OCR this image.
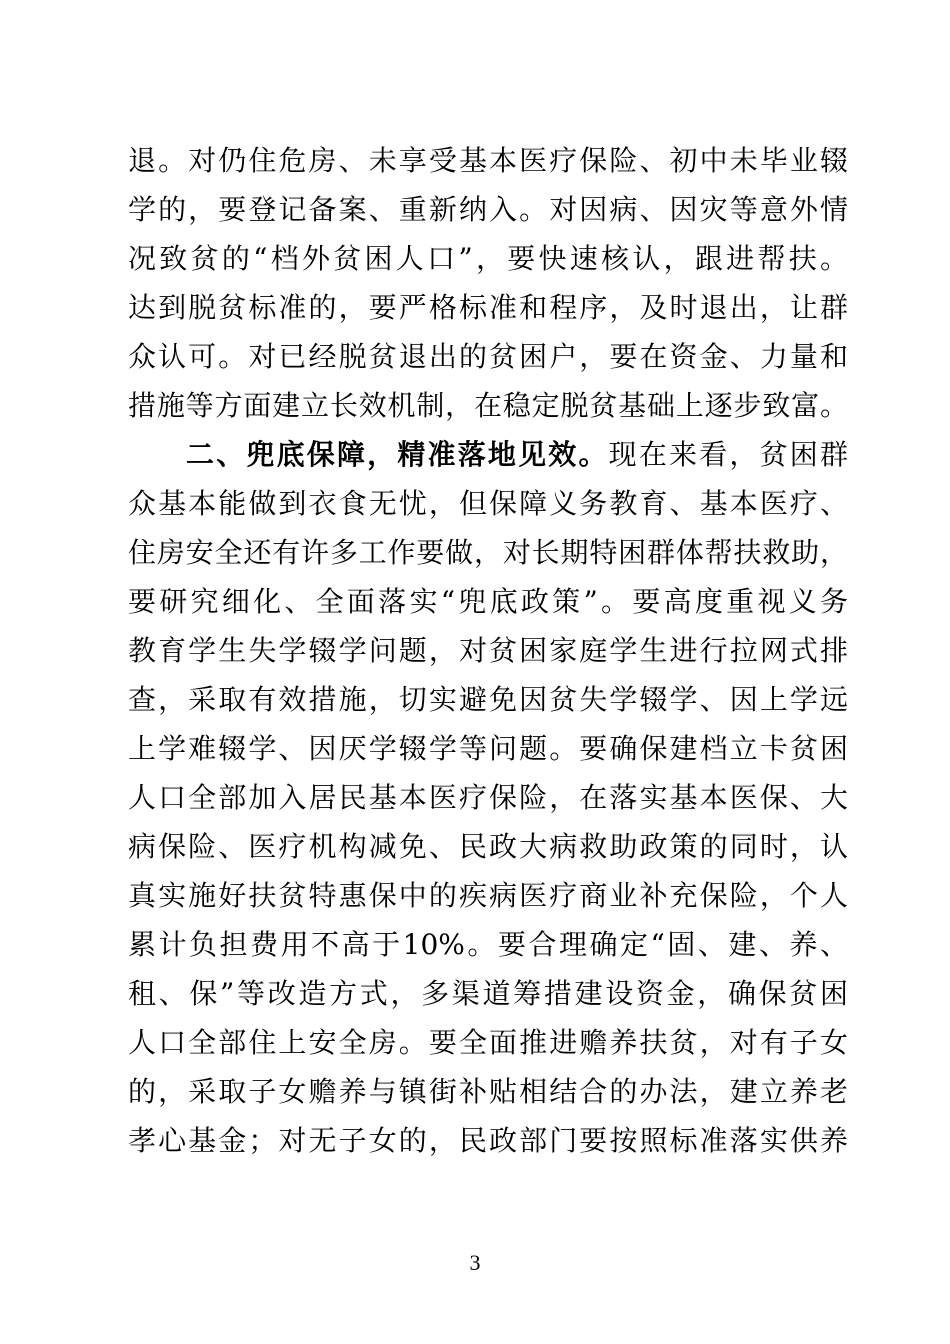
退。对仍住危房、未享受基本医疗保险、初中未毕业辍
学的，要登记备案、重新纳入。对因病、因灾等意外情
况致贫的“档外贫困人口”，要快速核认，跟进帮扶。
达到脱贫标准的，要严格标准和程序，及时退出，让群
众认可。对已经脱贫退出的贫困户，要在资金、力量和
措施等方面建立长效机制，在稳定脱贫基础上逐步致富。
二、兜底保障，精准落地见效。现在来看，贫困群
众基本能做到衣食无忧，但保障义务教育、基本医疗、
住房安全还有许多工作要做，对长期特困群体帮扶救助，
要研究细化、全面落实“兜底政策”。要高度重视义务
教育学生失学辍学问题，对贫困家庭学生进行拉网式排
查，采取有效措施，切实避免因贫失学辍学、因上学远
上学难辍学、因厌学辍学等问题。要确保建档立卡贫困
人口全部加入居民基本医疗保险，在落实基本医保、大
病保险、医疗机构减免、民政大病救助政策的同时，认
真实施好扶贫特惠保中的疾病医疗商业补充保险，个人
累计负担费用不高于10%。要合理确定“固、建、养、
租、保”等改造方式，多渠道筹措建设资金，确保贫困
人口全部住上安全房。要全面推进赡养扶贫，对有子女
的，采取子女赡养与镇街补贴相结合的办法，建立养老
孝心基金；对无子女的，民政部门要按照标准落实供养
3
